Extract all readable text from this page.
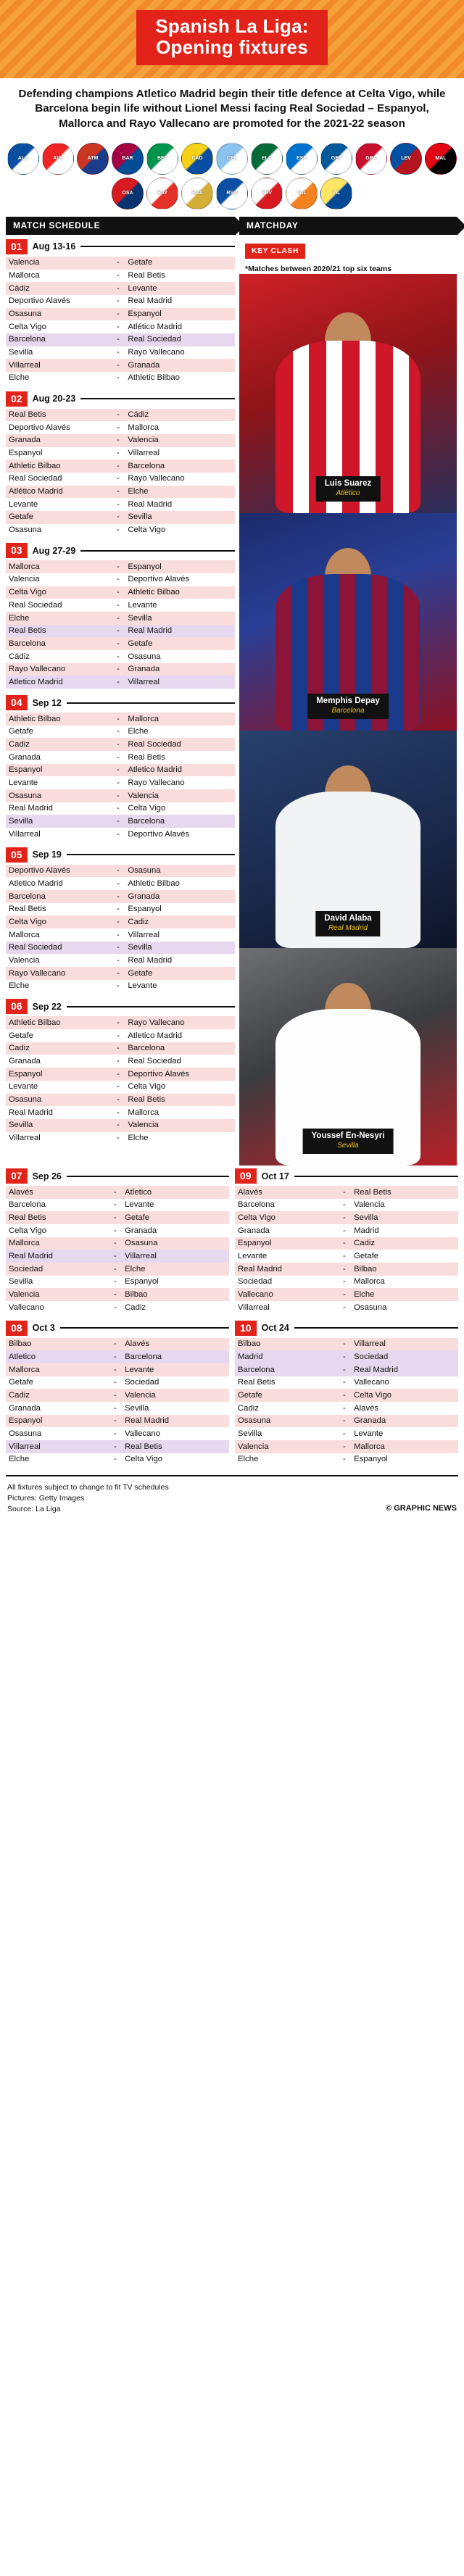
Spanish La Liga:
Opening fixtures
Defending champions Atletico Madrid begin their title defence at Celta Vigo, while Barcelona begin life without Lionel Messi facing Real Sociedad – Espanyol, Mallorca and Rayo Vallecano are promoted for the 2021-22 season
ALA	ATH	ATM	BAR	BET	CAD	CEL	ELC	ESP	GET	GRA	LEV	MAL
OSA	RAY	RMA	RSO	SEV	VAL	VIL
MATCH SCHEDULE	MATCHDAY
01	Aug 13-16
Valencia	-	Getafe
Mallorca	-	Real Betis
Cádiz	-	Levante
Deportivo Alavés	-	Real Madrid
Osasuna	-	Espanyol
Celta Vigo	-	Atlético Madrid
Barcelona	-	Real Sociedad
Sevilla	-	Rayo Vallecano
Villarreal	-	Granada
Elche	-	Athletic Bilbao
02	Aug 20-23
Real Betis	-	Cádiz
Deportivo Alavés	-	Mallorca
Granada	-	Valencia
Espanyol	-	Villarreal
Athletic Bilbao	-	Barcelona
Real Sociedad	-	Rayo Vallecano
Atlético Madrid	-	Elche
Levante	-	Real Madrid
Getafe	-	Sevilla
Osasuna	-	Celta Vigo
03	Aug 27-29
Mallorca	-	Espanyol
Valencia	-	Deportivo Alavés
Celta Vigo	-	Athletic Bilbao
Real Sociedad	-	Levante
Elche	-	Sevilla
Real Betis	-	Real Madrid
Barcelona	-	Getafe
Cádiz	-	Osasuna
Rayo Vallecano	-	Granada
Atletico Madrid	-	Villarreal
04	Sep 12
Athletic Bilbao	-	Mallorca
Getafe	-	Elche
Cadiz	-	Real Sociedad
Granada	-	Real Betis
Espanyol	-	Atletico Madrid
Levante	-	Rayo Vallecano
Osasuna	-	Valencia
Real Madrid	-	Celta Vigo
Sevilla	-	Barcelona
Villarreal	-	Deportivo Alavés
05	Sep 19
Deportivo Alavés	-	Osasuna
Atletico Madrid	-	Athletic Bilbao
Barcelona	-	Granada
Real Betis	-	Espanyol
Celta Vigo	-	Cadiz
Mallorca	-	Villarreal
Real Sociedad	-	Sevilla
Valencia	-	Real Madrid
Rayo Vallecano	-	Getafe
Elche	-	Levante
06	Sep 22
Athletic Bilbao	-	Rayo Vallecano
Getafe	-	Atletico Madrid
Cadiz	-	Barcelona
Granada	-	Real Sociedad
Espanyol	-	Deportivo Alavés
Levante	-	Celta Vigo
Osasuna	-	Real Betis
Real Madrid	-	Mallorca
Sevilla	-	Valencia
Villarreal	-	Elche
KEY CLASH
*Matches between 2020/21 top six teams
Luis Suarez
Atlético
Memphis Depay
Barcelona
David Alaba
Real Madrid
Youssef En-Nesyri
Sevilla
07	Sep 26
Alavés	-	Atletico
Barcelona	-	Levante
Real Betis	-	Getafe
Celta Vigo	-	Granada
Mallorca	-	Osasuna
Real Madrid	-	Villarreal
Sociedad	-	Elche
Sevilla	-	Espanyol
Valencia	-	Bilbao
Vallecano	-	Cadiz
08	Oct 3
Bilbao	-	Alavés
Atletico	-	Barcelona
Mallorca	-	Levante
Getafe	-	Sociedad
Cadiz	-	Valencia
Granada	-	Sevilla
Espanyol	-	Real Madrid
Osasuna	-	Vallecano
Villarreal	-	Real Betis
Elche	-	Celta Vigo
09	Oct 17
Alavés	-	Real Betis
Barcelona	-	Valencia
Celta Vigo	-	Sevilla
Granada	-	Madrid
Espanyol	-	Cadiz
Levante	-	Getafe
Real Madrid	-	Bilbao
Sociedad	-	Mallorca
Vallecano	-	Elche
Villarreal	-	Osasuna
10	Oct 24
Bilbao	-	Villarreal
Madrid	-	Sociedad
Barcelona	-	Real Madrid
Real Betis	-	Vallecano
Getafe	-	Celta Vigo
Cadiz	-	Alavés
Osasuna	-	Granada
Sevilla	-	Levante
Valencia	-	Mallorca
Elche	-	Espanyol
All fixtures subject to change to fit TV schedules
Pictures: Getty Images
Source: La Liga	© GRAPHIC NEWS
